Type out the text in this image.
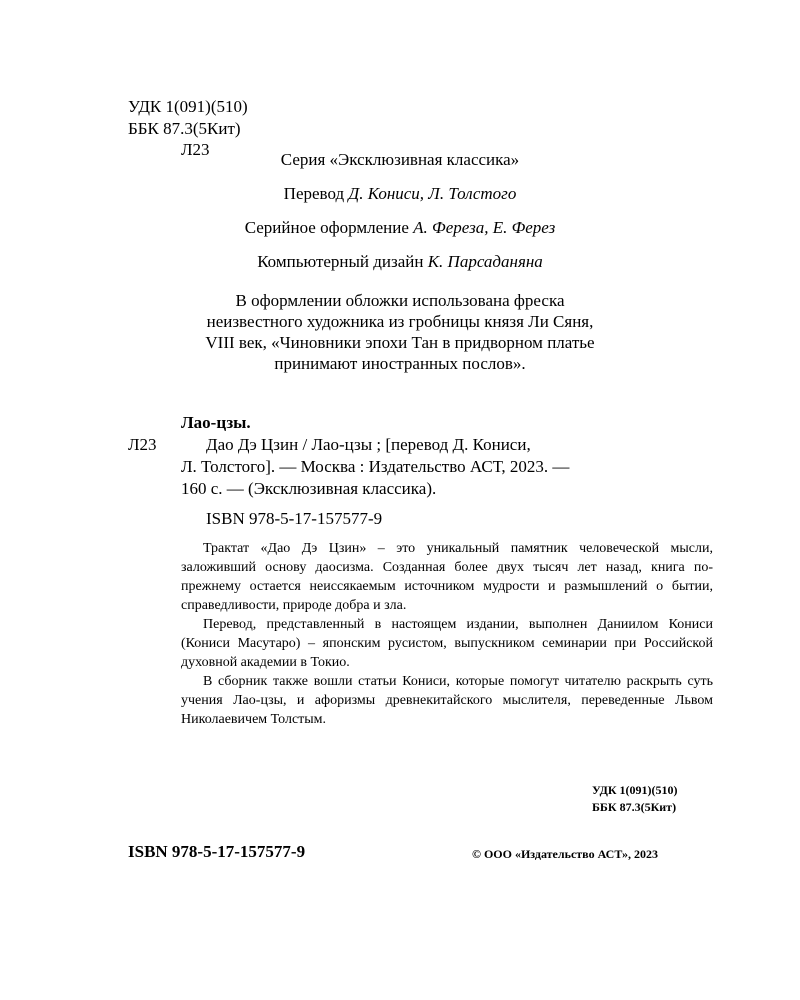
УДК 1(091)(510)
ББК 87.3(5Кит)
Л23
Серия «Эксклюзивная классика»
Перевод Д. Кониси, Л. Толстого
Серийное оформление А. Фереза, Е. Ферез
Компьютерный дизайн К. Парсаданяна
В оформлении обложки использована фреска
неизвестного художника из гробницы князя Ли Сяня,
VIII век, «Чиновники эпохи Тан в придворном платье
принимают иностранных послов».
Лао-цзы.
Л23	Дао Дэ Цзин / Лао-цзы ; [перевод Д. Кониси,
Л. Толстого]. — Москва : Издательство АСТ, 2023. —
160 с. — (Эксклюзивная классика).
ISBN 978-5-17-157577-9

Трактат «Дао Дэ Цзин» – это уникальный памятник человеческой мысли, заложивший основу даосизма. Созданная более двух тысяч лет назад, книга по-прежнему остается неиссякаемым источником мудрости и размышлений о бытии, справедливости, природе добра и зла.

Перевод, представленный в настоящем издании, выполнен Даниилом Кониси (Кониси Масутаро) – японским русистом, выпускником семинарии при Российской духовной академии в Токио.

В сборник также вошли статьи Кониси, которые помогут читателю раскрыть суть учения Лао-цзы, и афоризмы древнекитайского мыслителя, переведенные Львом Николаевичем Толстым.

УДК 1(091)(510)
ББК 87.3(5Кит)
ISBN 978-5-17-157577-9	© ООО «Издательство АСТ», 2023
